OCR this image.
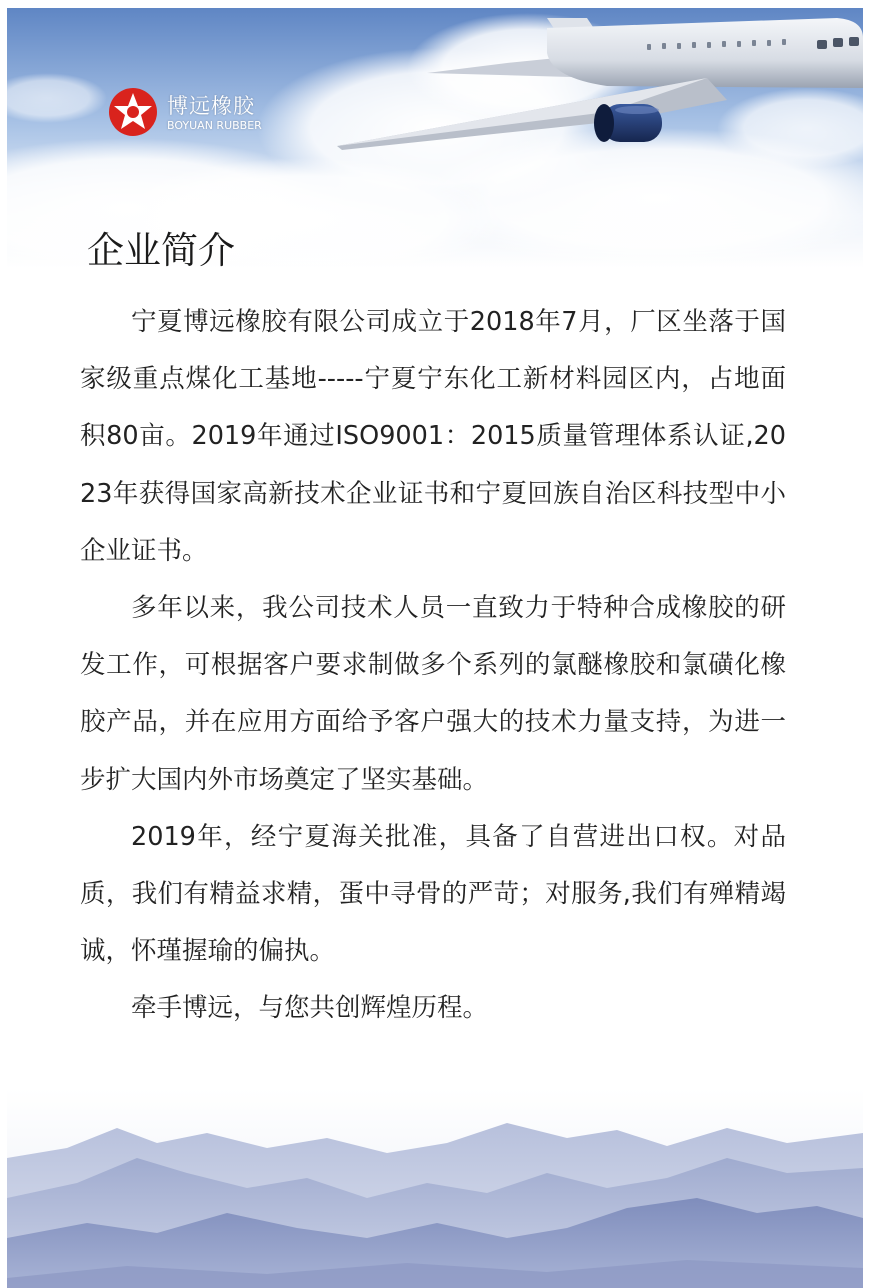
博远橡胶
BOYUAN RUBBER
企业简介

宁夏博远橡胶有限公司成立于2018年7月，厂区坐落于国家级重点煤化工基地-----宁夏宁东化工新材料园区内，占地面积80亩。2019年通过ISO9001：2015质量管理体系认证,2023年获得国家高新技术企业证书和宁夏回族自治区科技型中小企业证书。

多年以来，我公司技术人员一直致力于特种合成橡胶的研发工作，可根据客户要求制做多个系列的氯醚橡胶和氯磺化橡胶产品，并在应用方面给予客户强大的技术力量支持，为进一步扩大国内外市场奠定了坚实基础。

2019年，经宁夏海关批准，具备了自营进出口权。对品质，我们有精益求精，蛋中寻骨的严苛；对服务,我们有殚精竭诚，怀瑾握瑜的偏执。

牵手博远，与您共创辉煌历程。
